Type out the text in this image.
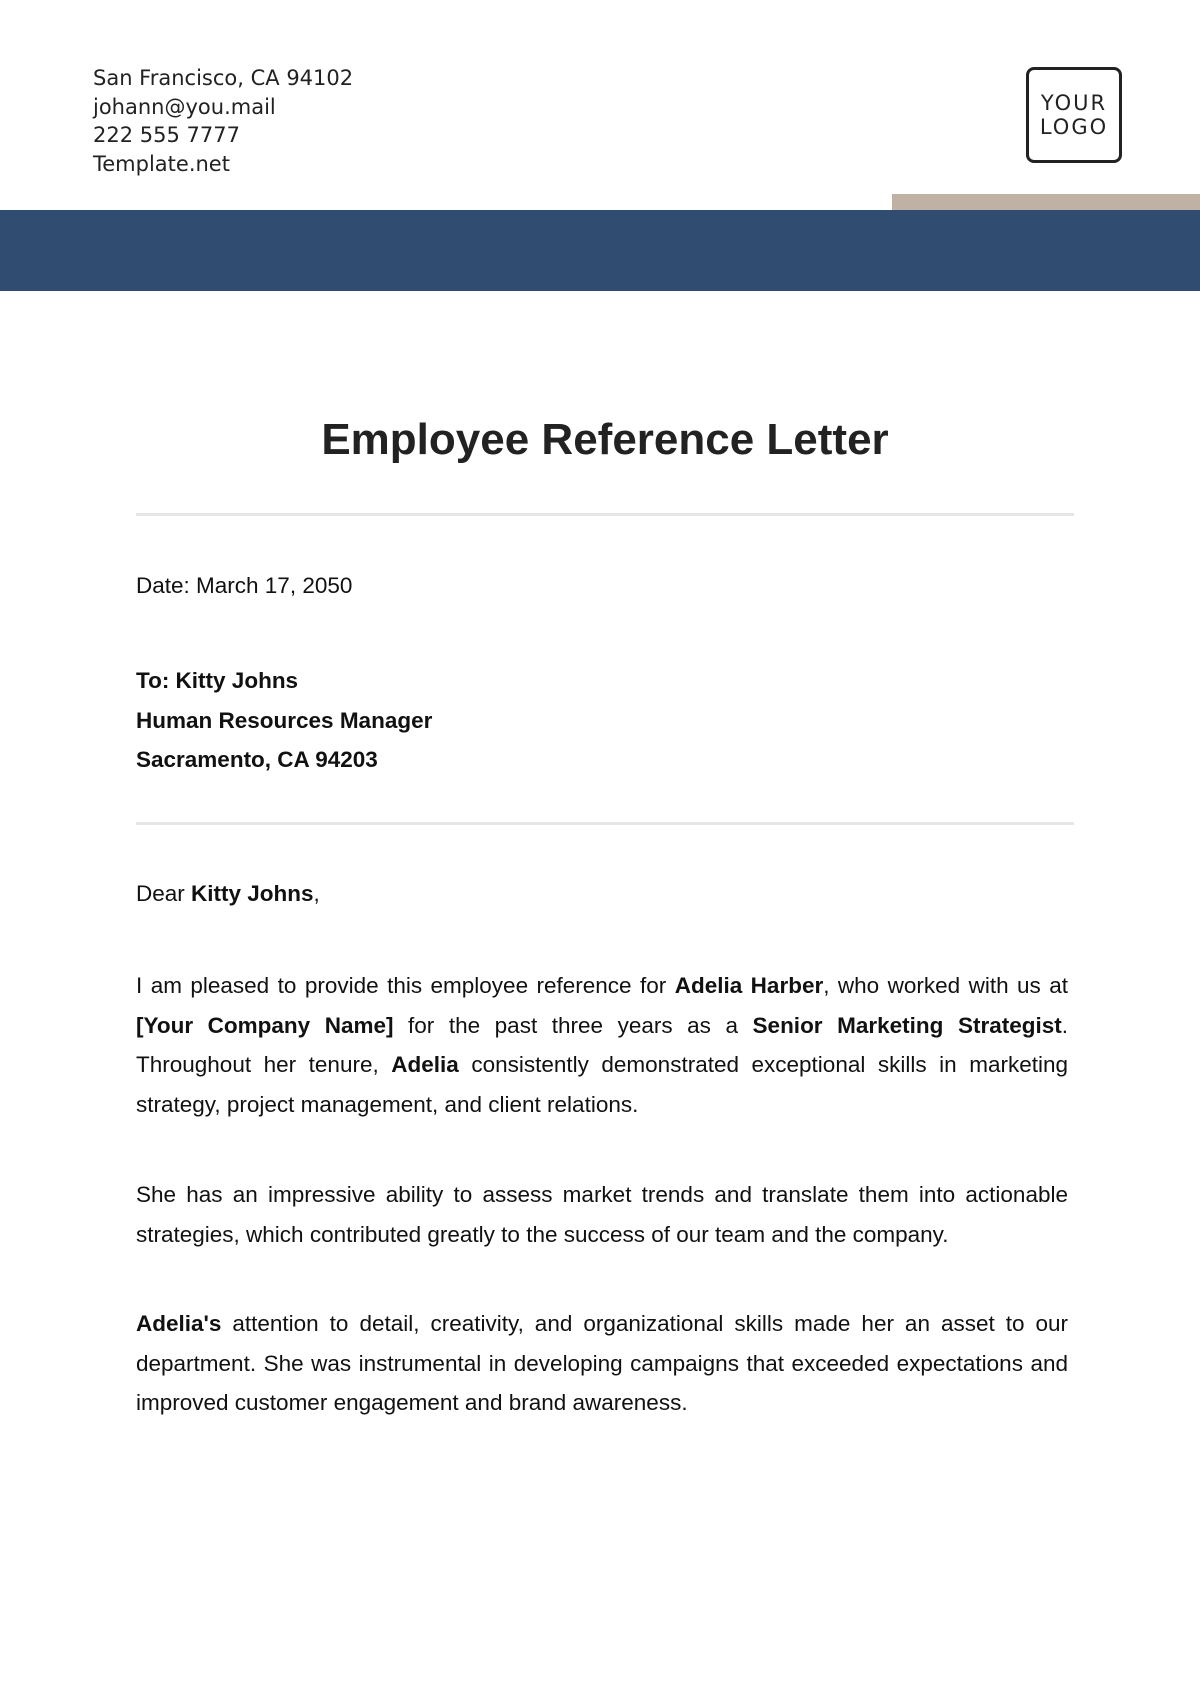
San Francisco, CA 94102
johann@you.mail
222 555 7777
Template.net
YOUR
LOGO
Employee Reference Letter
Date: March 17, 2050
To: Kitty Johns
Human Resources Manager
Sacramento, CA 94203
Dear Kitty Johns,
I am pleased to provide this employee reference for Adelia Harber, who worked with us at [Your Company Name] for the past three years as a Senior Marketing Strategist. Throughout her tenure, Adelia consistently demonstrated exceptional skills in marketing strategy, project management, and client relations.
She has an impressive ability to assess market trends and translate them into actionable strategies, which contributed greatly to the success of our team and the company.
Adelia's attention to detail, creativity, and organizational skills made her an asset to our department. She was instrumental in developing campaigns that exceeded expectations and improved customer engagement and brand awareness.
